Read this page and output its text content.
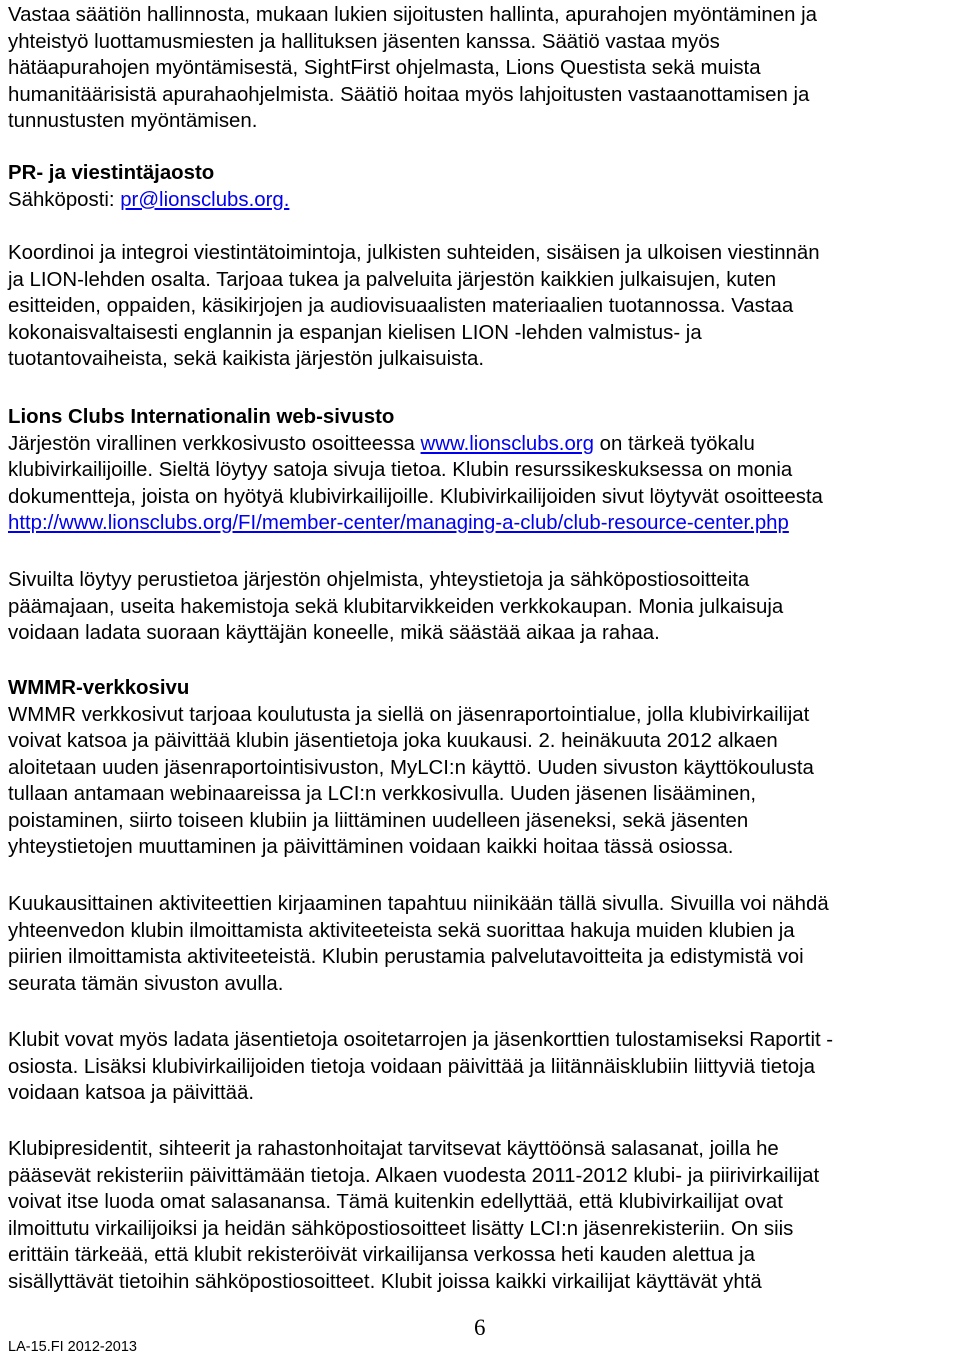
Vastaa säätiön hallinnosta, mukaan lukien sijoitusten hallinta, apurahojen myöntäminen ja

yhteistyö luottamusmiesten ja hallituksen jäsenten kanssa. Säätiö vastaa myös

hätäapurahojen myöntämisestä, SightFirst ohjelmasta, Lions Questista sekä muista

humanitäärisistä apurahaohjelmista. Säätiö hoitaa myös lahjoitusten vastaanottamisen ja

tunnustusten myöntämisen.

PR- ja viestintäjaosto

Sähköposti: pr@lionsclubs.org.

Koordinoi ja integroi viestintätoimintoja, julkisten suhteiden, sisäisen ja ulkoisen viestinnän

ja LION-lehden osalta. Tarjoaa tukea ja palveluita järjestön kaikkien julkaisujen, kuten

esitteiden, oppaiden, käsikirjojen ja audiovisuaalisten materiaalien tuotannossa. Vastaa

kokonaisvaltaisesti englannin ja espanjan kielisen LION -lehden valmistus- ja

tuotantovaiheista, sekä kaikista järjestön julkaisuista.

Lions Clubs Internationalin web-sivusto

Järjestön virallinen verkkosivusto osoitteessa www.lionsclubs.org on tärkeä työkalu

klubivirkailijoille. Sieltä löytyy satoja sivuja tietoa. Klubin resurssikeskuksessa on monia

dokumentteja, joista on hyötyä klubivirkailijoille. Klubivirkailijoiden sivut löytyvät osoitteesta

http://www.lionsclubs.org/FI/member-center/managing-a-club/club-resource-center.php

Sivuilta löytyy perustietoa järjestön ohjelmista, yhteystietoja ja sähköpostiosoitteita

päämajaan, useita hakemistoja sekä klubitarvikkeiden verkkokaupan. Monia julkaisuja

voidaan ladata suoraan käyttäjän koneelle, mikä säästää aikaa ja rahaa.

WMMR-verkkosivu

WMMR verkkosivut tarjoaa koulutusta ja siellä on jäsenraportointialue, jolla klubivirkailijat

voivat katsoa ja päivittää klubin jäsentietoja joka kuukausi. 2. heinäkuuta 2012 alkaen

aloitetaan uuden jäsenraportointisivuston, MyLCI:n käyttö. Uuden sivuston käyttökoulusta

tullaan antamaan webinaareissa ja LCI:n verkkosivulla. Uuden jäsenen lisääminen,

poistaminen, siirto toiseen klubiin ja liittäminen uudelleen jäseneksi, sekä jäsenten

yhteystietojen muuttaminen ja päivittäminen voidaan kaikki hoitaa tässä osiossa.

Kuukausittainen aktiviteettien kirjaaminen tapahtuu niinikään tällä sivulla. Sivuilla voi nähdä

yhteenvedon klubin ilmoittamista aktiviteeteista sekä suorittaa hakuja muiden klubien ja

piirien ilmoittamista aktiviteeteistä. Klubin perustamia palvelutavoitteita ja edistymistä voi

seurata tämän sivuston avulla.

Klubit vovat myös ladata jäsentietoja osoitetarrojen ja jäsenkorttien tulostamiseksi Raportit -

osiosta. Lisäksi klubivirkailijoiden tietoja voidaan päivittää ja liitännäisklubiin liittyviä tietoja

voidaan katsoa ja päivittää.

Klubipresidentit, sihteerit ja rahastonhoitajat tarvitsevat käyttöönsä salasanat, joilla he

pääsevät rekisteriin päivittämään tietoja. Alkaen vuodesta 2011-2012 klubi- ja piirivirkailijat

voivat itse luoda omat salasanansa. Tämä kuitenkin edellyttää, että klubivirkailijat ovat

ilmoittutu virkailijoiksi ja heidän sähköpostiosoitteet lisätty LCI:n jäsenrekisteriin. On siis

erittäin tärkeää, että klubit rekisteröivät virkailijansa verkossa heti kauden alettua ja

sisällyttävät tietoihin sähköpostiosoitteet. Klubit joissa kaikki virkailijat käyttävät yhtä

6
LA-15.FI 2012-2013
